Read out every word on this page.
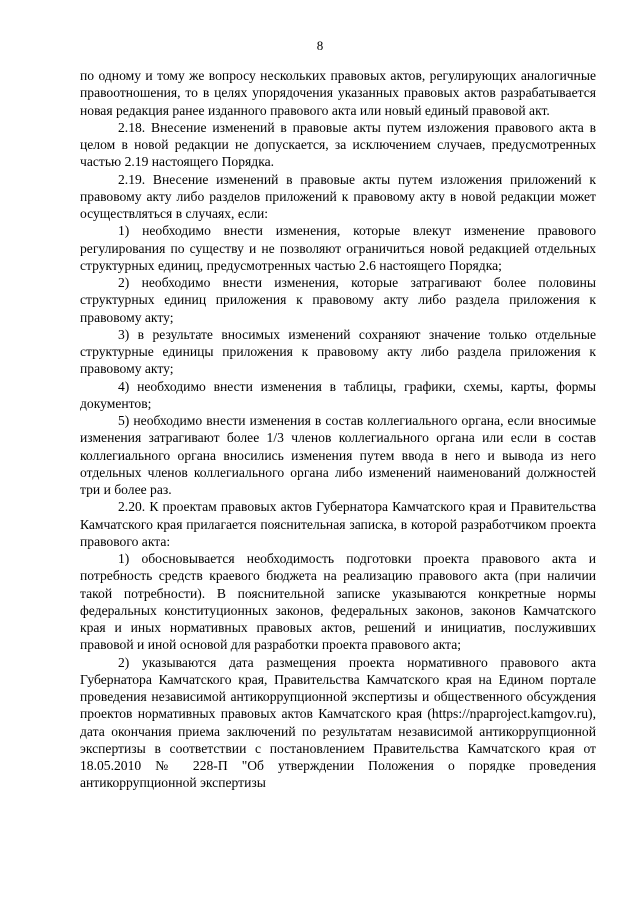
8

по одному и тому же вопросу нескольких правовых актов, регулирующих аналогичные правоотношения, то в целях упорядочения указанных правовых актов разрабатывается новая редакция ранее изданного правового акта или новый единый правовой акт.

2.18. Внесение изменений в правовые акты путем изложения правового акта в целом в новой редакции не допускается, за исключением случаев, предусмотренных частью 2.19 настоящего Порядка.

2.19. Внесение изменений в правовые акты путем изложения приложений к правовому акту либо разделов приложений к правовому акту в новой редакции может осуществляться в случаях, если:

1) необходимо внести изменения, которые влекут изменение правового регулирования по существу и не позволяют ограничиться новой редакцией отдельных структурных единиц, предусмотренных частью 2.6 настоящего Порядка;

2) необходимо внести изменения, которые затрагивают более половины структурных единиц приложения к правовому акту либо раздела приложения к правовому акту;

3) в результате вносимых изменений сохраняют значение только отдельные структурные единицы приложения к правовому акту либо раздела приложения к правовому акту;

4) необходимо внести изменения в таблицы, графики, схемы, карты, формы документов;

5) необходимо внести изменения в состав коллегиального органа, если вносимые изменения затрагивают более 1/3 членов коллегиального органа или если в состав коллегиального органа вносились изменения путем ввода в него и вывода из него отдельных членов коллегиального органа либо изменений наименований должностей три и более раз.

2.20. К проектам правовых актов Губернатора Камчатского края и Правительства Камчатского края прилагается пояснительная записка, в которой разработчиком проекта правового акта:

1) обосновывается необходимость подготовки проекта правового акта и потребность средств краевого бюджета на реализацию правового акта (при наличии такой потребности). В пояснительной записке указываются конкретные нормы федеральных конституционных законов, федеральных законов, законов Камчатского края и иных нормативных правовых актов, решений и инициатив, послуживших правовой и иной основой для разработки проекта правового акта;

2) указываются дата размещения проекта нормативного правового акта Губернатора Камчатского края, Правительства Камчатского края на Едином портале проведения независимой антикоррупционной экспертизы и общественного обсуждения проектов нормативных правовых актов Камчатского края (https://npaproject.kamgov.ru), дата окончания приема заключений по результатам независимой антикоррупционной экспертизы в соответствии с постановлением Правительства Камчатского края от 18.05.2010 № 228-П "Об утверждении Положения о порядке проведения антикоррупционной экспертизы
